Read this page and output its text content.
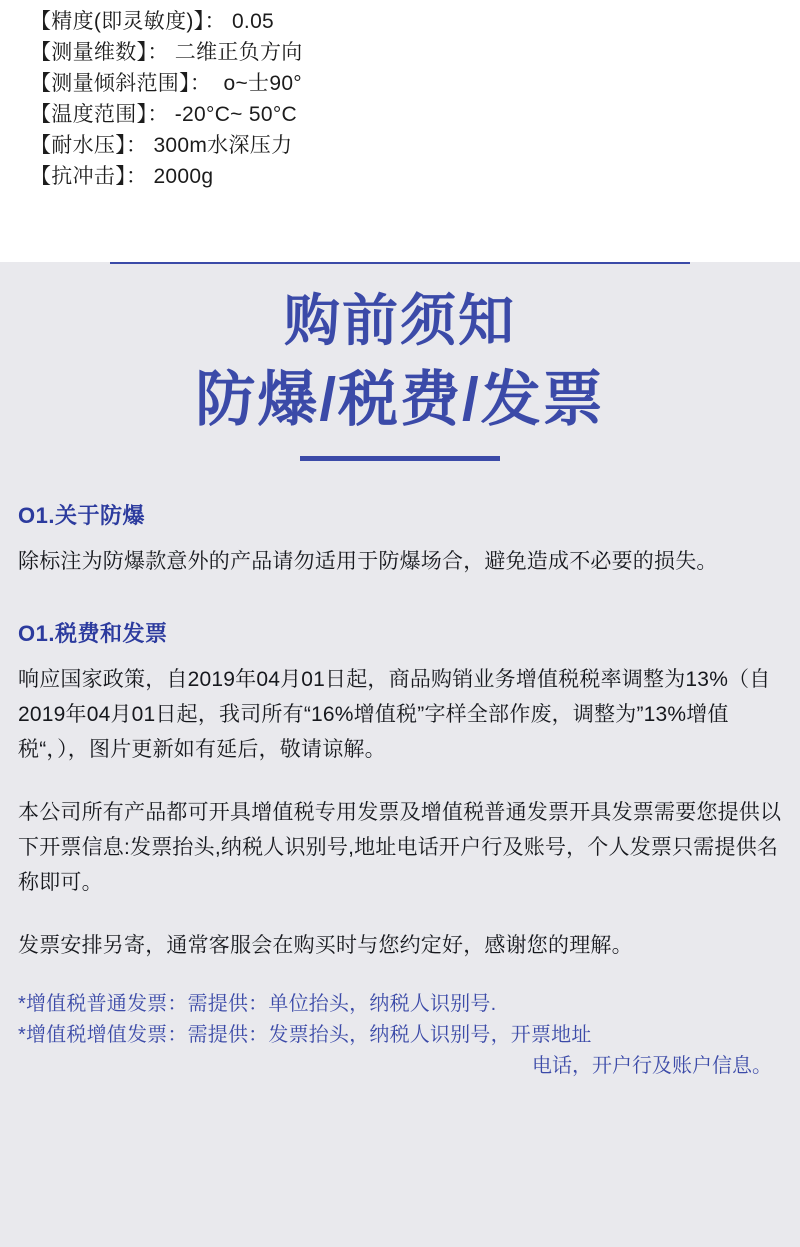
【精度(即灵敏度)】： 0.05
【测量维数】： 二维正负方向
【测量倾斜范围】：  o~士90°
【温度范围】： -20°C~ 50°C
【耐水压】： 300m水深压力
【抗冲击】： 2000g
购前须知
防爆/税费/发票
O1.关于防爆

除标注为防爆款意外的产品请勿适用于防爆场合，避免造成不必要的损失。

O1.税费和发票

响应国家政策，自2019年04月01日起，商品购销业务增值税税率调整为13%（自2019年04月01日起，我司所有“16%增值税”字样全部作废，调整为”13%增值税“，），图片更新如有延后，敬请谅解。

本公司所有产品都可开具增值税专用发票及增值税普通发票开具发票需要您提供以下开票信息:发票抬头,纳税人识别号,地址电话开户行及账号，个人发票只需提供名称即可。

发票安排另寄，通常客服会在购买时与您约定好，感谢您的理解。

*增值税普通发票：需提供：单位抬头，纳税人识别号.
*增值税增值发票：需提供：发票抬头，纳税人识别号，开票地址
电话，开户行及账户信息。
